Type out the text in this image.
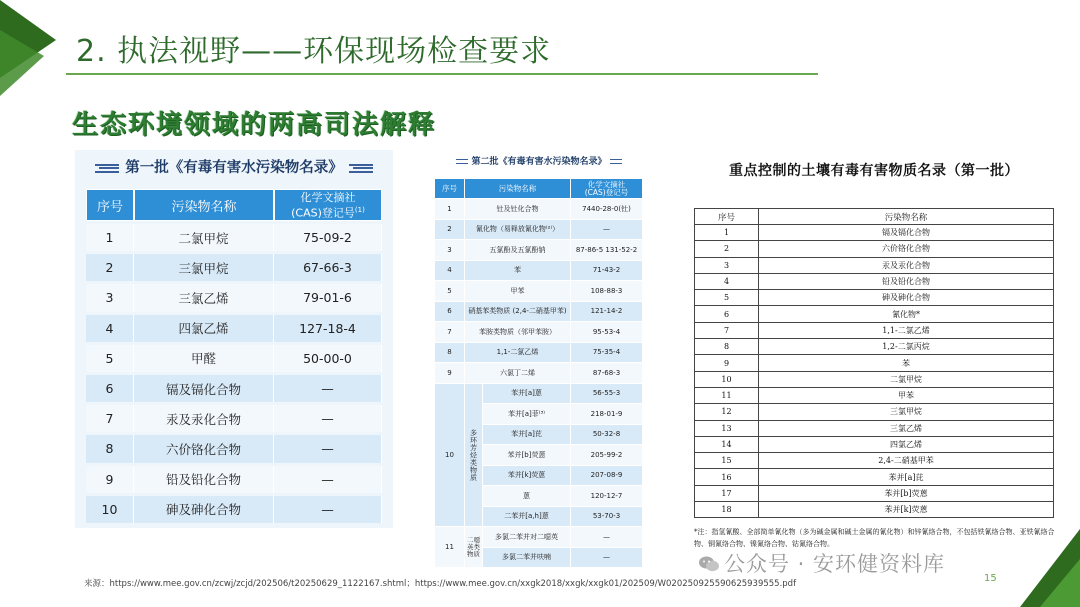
2. 执法视野——环保现场检查要求
生态环境领域的两高司法解释
第一批《有毒有害水污染物名录》
序号	污染物名称	化学文摘社
(CAS)登记号$^{(1)}$
1	二氯甲烷	75-09-2
2	三氯甲烷	67-66-3
3	三氯乙烯	79-01-6
4	四氯乙烯	127-18-4
5	甲醛	50-00-0
6	镉及镉化合物	—
7	汞及汞化合物	—
8	六价铬化合物	—
9	铅及铅化合物	—
10	砷及砷化合物	—
第二批《有毒有害水污染物名录》
序号	污染物名称		化学文摘社
(CAS)登记号
1	钍及钍化合物		7440-28-0(钍)
2	氰化物（易释放氰化物⁽²⁾）		—
3	五氯酚及五氯酚钠		87-86-5 131-52-2
4	苯		71-43-2
5	甲苯		108-88-3
6	硝基苯类物质 (2,4-二硝基甲苯)		121-14-2
7	苯胺类物质（邻甲苯胺）		95-53-4
8	1,1-二氯乙烯		75-35-4
9	六氯丁二烯		87-68-3
10	多环芳烃类物质	苯并[a]蒽	56-55-3
		苯并[a]菲⁽³⁾	218-01-9
		苯并[a]芘	50-32-8
		苯并[b]荧蒽	205-99-2
		苯并[k]荧蒽	207-08-9
		蒽	120-12-7
		二苯并[a,h]蒽	53-70-3
11	二噁英类物质	多氯二苯并对二噁英	—
		多氯二苯并呋喃	—
重点控制的土壤有毒有害物质名录（第一批）
序号	污染物名称
1	镉及镉化合物
2	六价铬化合物
3	汞及汞化合物
4	铅及铅化合物
5	砷及砷化合物
6	氰化物*
7	1,1-二氯乙烯
8	1,2-二氯丙烷
9	苯
10	二氯甲烷
11	甲苯
12	三氯甲烷
13	三氯乙烯
14	四氯乙烯
15	2,4-二硝基甲苯
16	苯并[a]芘
17	苯并[b]荧蒽
18	苯并[k]荧蒽
*注：指氢氰酸、全部简单氰化物（多为碱金属和碱土金属的氰化物）和锌氰络合物，不包括铁氰络合物、亚铁氰络合物、铜氰络合物、镍氰络合物、钴氰络合物。
公众号 · 安环健资料库
来源：https://www.mee.gov.cn/zcwj/zcjd/202506/t20250629_1122167.shtml；https://www.mee.gov.cn/xxgk2018/xxgk/xxgk01/202509/W020250925590625939555.pdf	15
